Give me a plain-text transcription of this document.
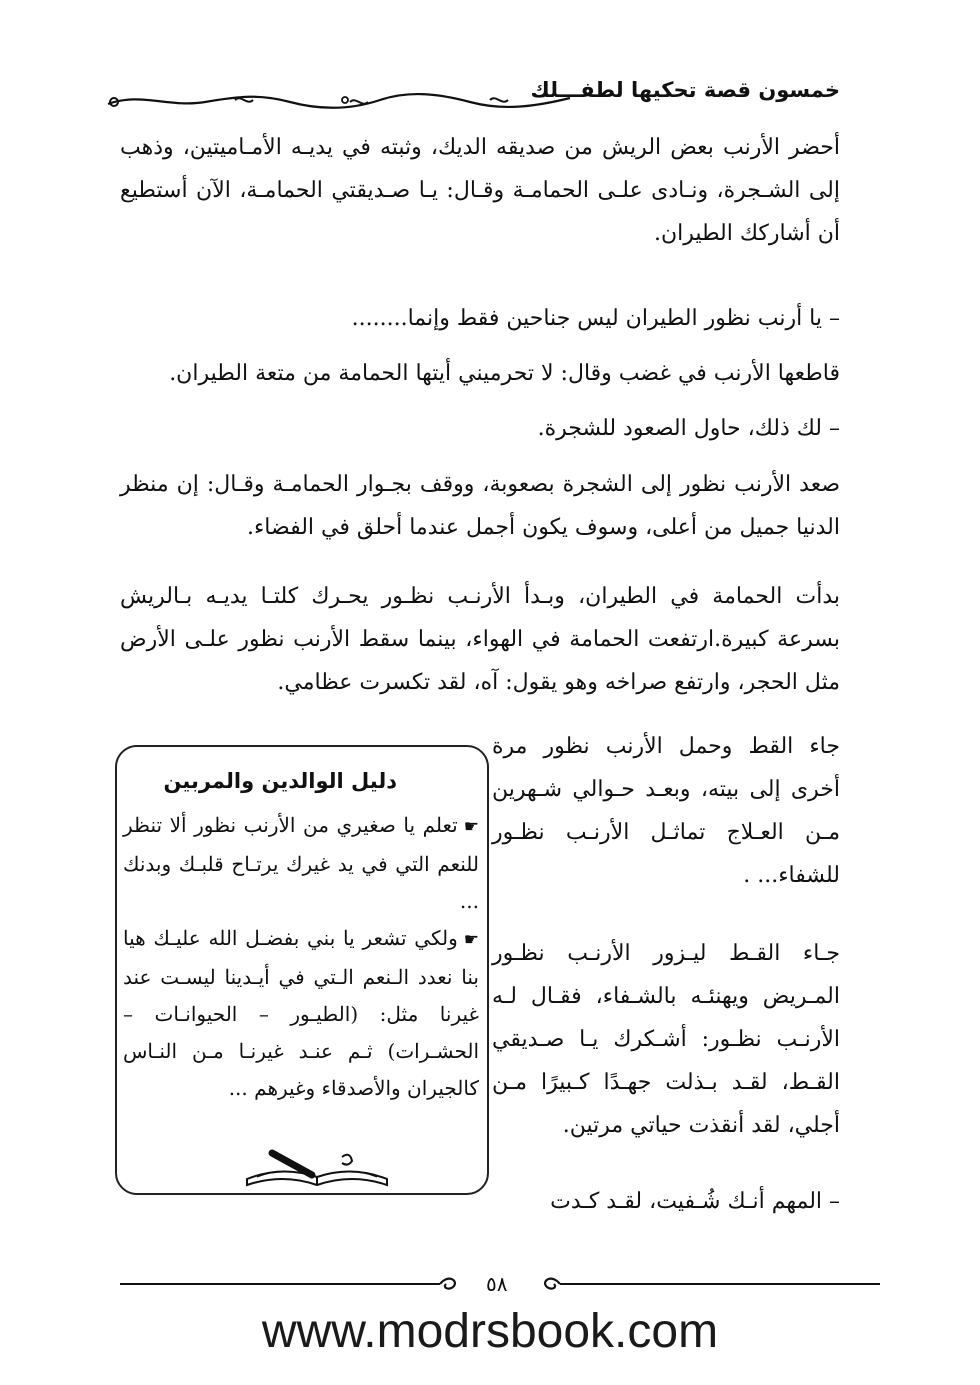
خمسون قصة تحكيها لطفـــلك

أحضر الأرنب بعض الريش من صديقه الديك، وثبته في يديـه الأمـاميتين، وذهب إلى الشـجرة، ونـادى علـى الحمامـة وقـال: يـا صـديقتي الحمامـة، الآن أستطيع أن أشاركك الطيران.

– يا أرنب نظور الطيران ليس جناحين فقط وإنما........

قاطعها الأرنب في غضب وقال: لا تحرميني أيتها الحمامة من متعة الطيران.

– لك ذلك، حاول الصعود للشجرة.

صعد الأرنب نظور إلى الشجرة بصعوبة، ووقف بجـوار الحمامـة وقـال: إن منظر الدنيا جميل من أعلى، وسوف يكون أجمل عندما أحلق في الفضاء.

بدأت الحمامة في الطيران، وبـدأ الأرنـب نظـور يحـرك كلتـا يديـه بـالريش بسرعة كبيرة.ارتفعت الحمامة في الهواء، بينما سقط الأرنب نظور علـى الأرض مثل الحجر، وارتفع صراخه وهو يقول: آه، لقد تكسرت عظامي.

جاء القط وحمل الأرنب نظور مرة أخرى إلى بيته، وبعـد حـوالي شـهرين مـن العـلاج تماثـل الأرنـب نظـور للشفاء... .

جـاء القـط ليـزور الأرنـب نظـور المـريض ويهنئـه بالشـفاء، فقـال لـه الأرنـب نظـور: أشـكرك يـا صـديقي القـط، لقـد بـذلت جهـدًا كـبيرًا مـن أجلي، لقد أنقذت حياتي مرتين.

– المهم أنـك شُـفيت، لقـد كـدت

دليل الوالدين والمربين

☛تعلم يا صغيري من الأرنب نظور ألا تنظر للنعم التي في يد غيرك يرتـاح قلبـك وبدنك ...

☛ولكي تشعر يا بني بفضـل الله عليـك هيا بنا نعدد الـنعم الـتي في أيـدينا ليسـت عند غيرنا مثل: (الطيـور – الحيوانـات – الحشـرات) ثـم عنـد غيرنـا مـن النـاس كالجيران والأصدقاء وغيرهم ...

٥٨
www.modrsbook.com
